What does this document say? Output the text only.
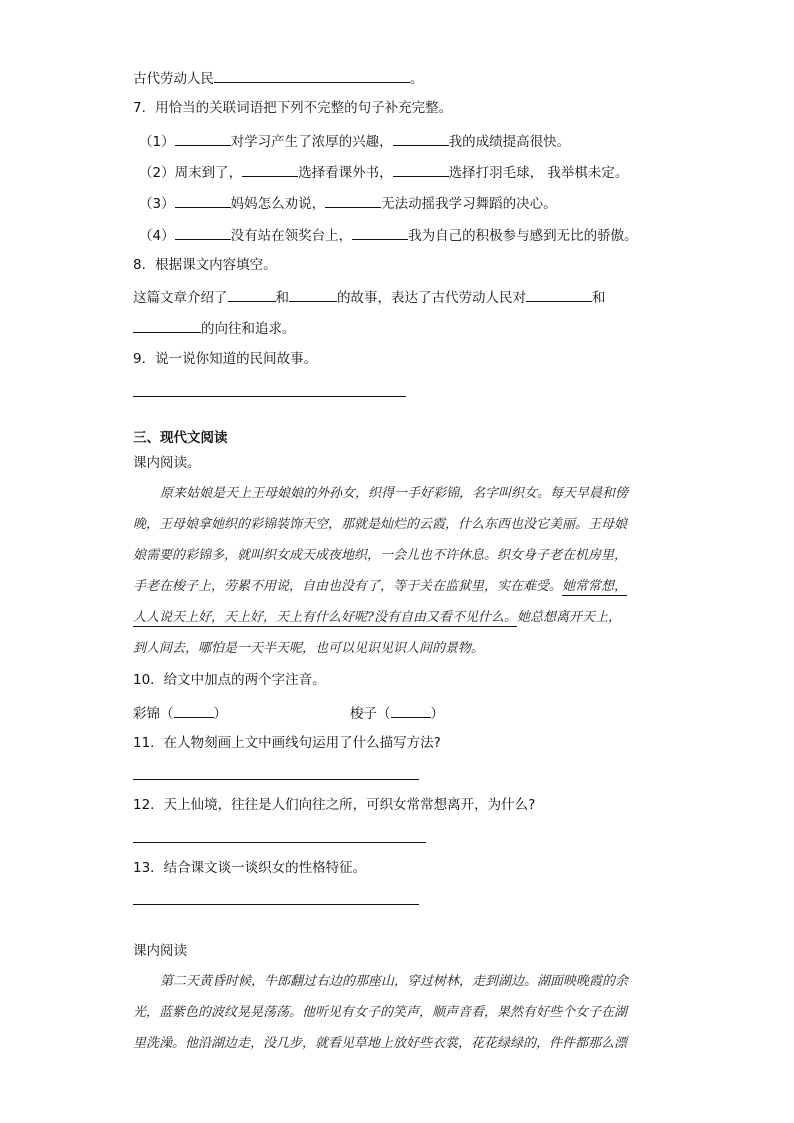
古代劳动人民	。
7．用恰当的关联词语把下列不完整的句子补充完整。
（1）	对学习产生了浓厚的兴趣，	我的成绩提高很快。
（2）周末到了，	选择看课外书，	选择打羽毛球， 我举棋未定。
（3）	妈妈怎么劝说，	无法动摇我学习舞蹈的决心。
（4）	没有站在领奖台上，	我为自己的积极参与感到无比的骄傲。
8．根据课文内容填空。
这篇文章介绍了	和	的故事，表达了古代劳动人民对	和
的向往和追求。
9．说一说你知道的民间故事。
三、现代文阅读
课内阅读。
原来姑娘是天上王母娘娘的外孙女，织得一手好彩锦，名字叫织女。每天早晨和傍
晚，王母娘拿她织的彩锦装饰天空，那就是灿烂的云霞，什么东西也没它美丽。王母娘
娘需要的彩锦多，就叫织女成天成夜地织，一会儿也不许休息。织女身子老在机房里，
手老在梭子上，劳累不用说，自由也没有了，等于关在监狱里，实在难受。她常常想，
人人说天上好，天上好，天上有什么好呢?没有自由又看不见什么。她总想离开天上，
到人间去，哪怕是一天半天呢，也可以见识见识人间的景物。
10．给文中加点的两个字注音。
彩锦（	）	梭子（	）
11．在人物刻画上文中画线句运用了什么描写方法?
12．天上仙境，往往是人们向往之所，可织女常常想离开，为什么?
13．结合课文谈一谈织女的性格特征。
课内阅读
第二天黄昏时候，牛郎翻过右边的那座山，穿过树林，走到湖边。湖面映晚霞的余
光，蓝紫色的波纹晃晃荡荡。他听见有女子的笑声，顺声音看，果然有好些个女子在湖
里洗澡。他沿湖边走，没几步，就看见草地上放好些衣裳，花花绿绿的，件件都那么漂
